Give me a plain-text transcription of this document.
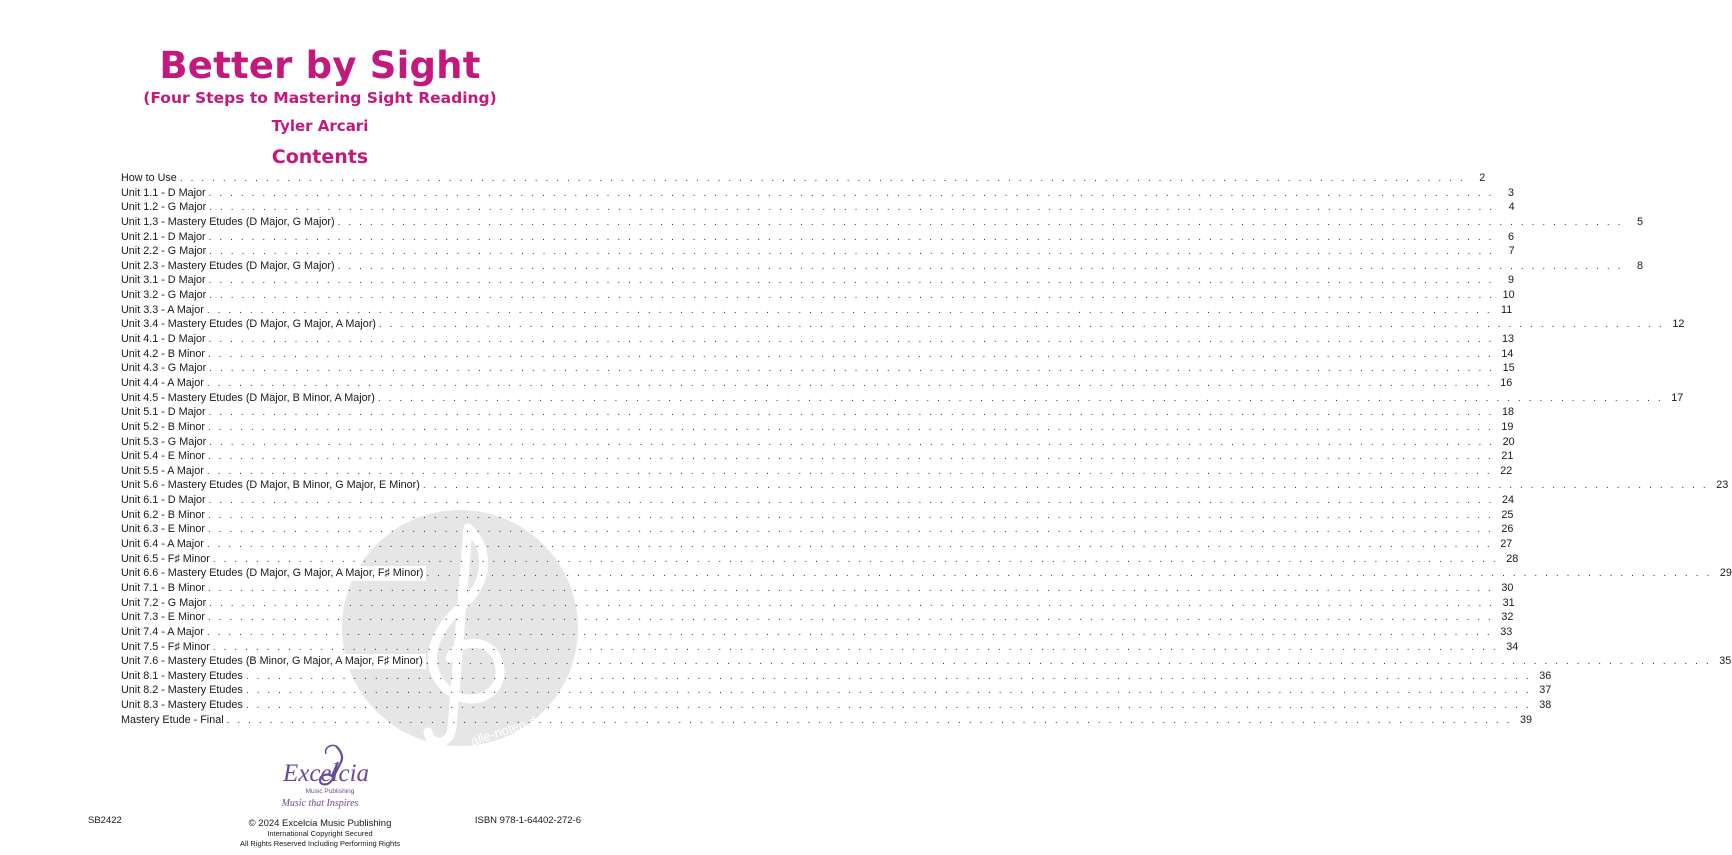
alle-noten.de
Better by Sight
(Four Steps to Mastering Sight Reading)
Tyler Arcari
Contents
How to Use . . . . . . . . . . . . . . . . . . . . . . . . . . . . . . . . . . . . . . . . . . . . . . . . . . . . . . . . . . . . . . . . . . . . . . . . . . . . . . . . . . . . . . . . . . . . . . . . . . . . . . . . . . . . . . . . . . . . . . . .	2
Unit 1.1 - D Major . . . . . . . . . . . . . . . . . . . . . . . . . . . . . . . . . . . . . . . . . . . . . . . . . . . . . . . . . . . . . . . . . . . . . . . . . . . . . . . . . . . . . . . . . . . . . . . . . . . . . . . . . . . . . . . . . . . . . . . .	3
Unit 1.2 - G Major . . . . . . . . . . . . . . . . . . . . . . . . . . . . . . . . . . . . . . . . . . . . . . . . . . . . . . . . . . . . . . . . . . . . . . . . . . . . . . . . . . . . . . . . . . . . . . . . . . . . . . . . . . . . . . . . . . . . . . . .	4
Unit 1.3 - Mastery Etudes (D Major, G Major) . . . . . . . . . . . . . . . . . . . . . . . . . . . . . . . . . . . . . . . . . . . . . . . . . . . . . . . . . . . . . . . . . . . . . . . . . . . . . . . . . . . . . . . . . . . . . . . . . . . . . . . . . . . . . . . . . . . . . . . .	5
Unit 2.1 - D Major . . . . . . . . . . . . . . . . . . . . . . . . . . . . . . . . . . . . . . . . . . . . . . . . . . . . . . . . . . . . . . . . . . . . . . . . . . . . . . . . . . . . . . . . . . . . . . . . . . . . . . . . . . . . . . . . . . . . . . . .	6
Unit 2.2 - G Major . . . . . . . . . . . . . . . . . . . . . . . . . . . . . . . . . . . . . . . . . . . . . . . . . . . . . . . . . . . . . . . . . . . . . . . . . . . . . . . . . . . . . . . . . . . . . . . . . . . . . . . . . . . . . . . . . . . . . . . .	7
Unit 2.3 - Mastery Etudes (D Major, G Major) . . . . . . . . . . . . . . . . . . . . . . . . . . . . . . . . . . . . . . . . . . . . . . . . . . . . . . . . . . . . . . . . . . . . . . . . . . . . . . . . . . . . . . . . . . . . . . . . . . . . . . . . . . . . . . . . . . . . . . . .	8
Unit 3.1 - D Major . . . . . . . . . . . . . . . . . . . . . . . . . . . . . . . . . . . . . . . . . . . . . . . . . . . . . . . . . . . . . . . . . . . . . . . . . . . . . . . . . . . . . . . . . . . . . . . . . . . . . . . . . . . . . . . . . . . . . . . .	9
Unit 3.2 - G Major . . . . . . . . . . . . . . . . . . . . . . . . . . . . . . . . . . . . . . . . . . . . . . . . . . . . . . . . . . . . . . . . . . . . . . . . . . . . . . . . . . . . . . . . . . . . . . . . . . . . . . . . . . . . . . . . . . . . . . . . 10
Unit 3.3 - A Major . . . . . . . . . . . . . . . . . . . . . . . . . . . . . . . . . . . . . . . . . . . . . . . . . . . . . . . . . . . . . . . . . . . . . . . . . . . . . . . . . . . . . . . . . . . . . . . . . . . . . . . . . . . . . . . . . . . . . . . . 11
Unit 3.4 - Mastery Etudes (D Major, G Major, A Major) . . . . . . . . . . . . . . . . . . . . . . . . . . . . . . . . . . . . . . . . . . . . . . . . . . . . . . . . . . . . . . . . . . . . . . . . . . . . . . . . . . . . . . . . . . . . . . . . . . . . . . . . . . . . . . . . . . . . . . . . 12
Unit 4.1 - D Major . . . . . . . . . . . . . . . . . . . . . . . . . . . . . . . . . . . . . . . . . . . . . . . . . . . . . . . . . . . . . . . . . . . . . . . . . . . . . . . . . . . . . . . . . . . . . . . . . . . . . . . . . . . . . . . . . . . . . . . . 13
Unit 4.2 - B Minor . . . . . . . . . . . . . . . . . . . . . . . . . . . . . . . . . . . . . . . . . . . . . . . . . . . . . . . . . . . . . . . . . . . . . . . . . . . . . . . . . . . . . . . . . . . . . . . . . . . . . . . . . . . . . . . . . . . . . . . . 14
Unit 4.3 - G Major . . . . . . . . . . . . . . . . . . . . . . . . . . . . . . . . . . . . . . . . . . . . . . . . . . . . . . . . . . . . . . . . . . . . . . . . . . . . . . . . . . . . . . . . . . . . . . . . . . . . . . . . . . . . . . . . . . . . . . . . 15
Unit 4.4 - A Major . . . . . . . . . . . . . . . . . . . . . . . . . . . . . . . . . . . . . . . . . . . . . . . . . . . . . . . . . . . . . . . . . . . . . . . . . . . . . . . . . . . . . . . . . . . . . . . . . . . . . . . . . . . . . . . . . . . . . . . . 16
Unit 4.5 - Mastery Etudes (D Major, B Minor, A Major) . . . . . . . . . . . . . . . . . . . . . . . . . . . . . . . . . . . . . . . . . . . . . . . . . . . . . . . . . . . . . . . . . . . . . . . . . . . . . . . . . . . . . . . . . . . . . . . . . . . . . . . . . . . . . . . . . . . . . . . . 17
Unit 5.1 - D Major . . . . . . . . . . . . . . . . . . . . . . . . . . . . . . . . . . . . . . . . . . . . . . . . . . . . . . . . . . . . . . . . . . . . . . . . . . . . . . . . . . . . . . . . . . . . . . . . . . . . . . . . . . . . . . . . . . . . . . . . 18
Unit 5.2 - B Minor . . . . . . . . . . . . . . . . . . . . . . . . . . . . . . . . . . . . . . . . . . . . . . . . . . . . . . . . . . . . . . . . . . . . . . . . . . . . . . . . . . . . . . . . . . . . . . . . . . . . . . . . . . . . . . . . . . . . . . . . 19
Unit 5.3 - G Major . . . . . . . . . . . . . . . . . . . . . . . . . . . . . . . . . . . . . . . . . . . . . . . . . . . . . . . . . . . . . . . . . . . . . . . . . . . . . . . . . . . . . . . . . . . . . . . . . . . . . . . . . . . . . . . . . . . . . . . . 20
Unit 5.4 - E Minor . . . . . . . . . . . . . . . . . . . . . . . . . . . . . . . . . . . . . . . . . . . . . . . . . . . . . . . . . . . . . . . . . . . . . . . . . . . . . . . . . . . . . . . . . . . . . . . . . . . . . . . . . . . . . . . . . . . . . . . . 21
Unit 5.5 - A Major . . . . . . . . . . . . . . . . . . . . . . . . . . . . . . . . . . . . . . . . . . . . . . . . . . . . . . . . . . . . . . . . . . . . . . . . . . . . . . . . . . . . . . . . . . . . . . . . . . . . . . . . . . . . . . . . . . . . . . . . 22
Unit 5.6 - Mastery Etudes (D Major, B Minor, G Major, E Minor) . . . . . . . . . . . . . . . . . . . . . . . . . . . . . . . . . . . . . . . . . . . . . . . . . . . . . . . . . . . . . . . . . . . . . . . . . . . . . . . . . . . . . . . . . . . . . . . . . . . . . . . . . . . . . . . . . . . . . . . . 23
Unit 6.1 - D Major . . . . . . . . . . . . . . . . . . . . . . . . . . . . . . . . . . . . . . . . . . . . . . . . . . . . . . . . . . . . . . . . . . . . . . . . . . . . . . . . . . . . . . . . . . . . . . . . . . . . . . . . . . . . . . . . . . . . . . . . 24
Unit 6.2 - B Minor . . . . . . . . . . . . . . . . . . . . . . . . . . . . . . . . . . . . . . . . . . . . . . . . . . . . . . . . . . . . . . . . . . . . . . . . . . . . . . . . . . . . . . . . . . . . . . . . . . . . . . . . . . . . . . . . . . . . . . . . 25
Unit 6.3 - E Minor . . . . . . . . . . . . . . . . . . . . . . . . . . . . . . . . . . . . . . . . . . . . . . . . . . . . . . . . . . . . . . . . . . . . . . . . . . . . . . . . . . . . . . . . . . . . . . . . . . . . . . . . . . . . . . . . . . . . . . . . 26
Unit 6.4 - A Major . . . . . . . . . . . . . . . . . . . . . . . . . . . . . . . . . . . . . . . . . . . . . . . . . . . . . . . . . . . . . . . . . . . . . . . . . . . . . . . . . . . . . . . . . . . . . . . . . . . . . . . . . . . . . . . . . . . . . . . . 27
Unit 6.5 - F♯ Minor . . . . . . . . . . . . . . . . . . . . . . . . . . . . . . . . . . . . . . . . . . . . . . . . . . . . . . . . . . . . . . . . . . . . . . . . . . . . . . . . . . . . . . . . . . . . . . . . . . . . . . . . . . . . . . . . . . . . . . . . 28
Unit 6.6 - Mastery Etudes (D Major, G Major, A Major, F♯ Minor) . . . . . . . . . . . . . . . . . . . . . . . . . . . . . . . . . . . . . . . . . . . . . . . . . . . . . . . . . . . . . . . . . . . . . . . . . . . . . . . . . . . . . . . . . . . . . . . . . . . . . . . . . . . . . . . . . . . . . . . . 29
Unit 7.1 - B Minor . . . . . . . . . . . . . . . . . . . . . . . . . . . . . . . . . . . . . . . . . . . . . . . . . . . . . . . . . . . . . . . . . . . . . . . . . . . . . . . . . . . . . . . . . . . . . . . . . . . . . . . . . . . . . . . . . . . . . . . . 30
Unit 7.2 - G Major . . . . . . . . . . . . . . . . . . . . . . . . . . . . . . . . . . . . . . . . . . . . . . . . . . . . . . . . . . . . . . . . . . . . . . . . . . . . . . . . . . . . . . . . . . . . . . . . . . . . . . . . . . . . . . . . . . . . . . . . 31
Unit 7.3 - E Minor . . . . . . . . . . . . . . . . . . . . . . . . . . . . . . . . . . . . . . . . . . . . . . . . . . . . . . . . . . . . . . . . . . . . . . . . . . . . . . . . . . . . . . . . . . . . . . . . . . . . . . . . . . . . . . . . . . . . . . . . 32
Unit 7.4 - A Major . . . . . . . . . . . . . . . . . . . . . . . . . . . . . . . . . . . . . . . . . . . . . . . . . . . . . . . . . . . . . . . . . . . . . . . . . . . . . . . . . . . . . . . . . . . . . . . . . . . . . . . . . . . . . . . . . . . . . . . . 33
Unit 7.5 - F♯ Minor . . . . . . . . . . . . . . . . . . . . . . . . . . . . . . . . . . . . . . . . . . . . . . . . . . . . . . . . . . . . . . . . . . . . . . . . . . . . . . . . . . . . . . . . . . . . . . . . . . . . . . . . . . . . . . . . . . . . . . . . 34
Unit 7.6 - Mastery Etudes (B Minor, G Major, A Major, F♯ Minor) . . . . . . . . . . . . . . . . . . . . . . . . . . . . . . . . . . . . . . . . . . . . . . . . . . . . . . . . . . . . . . . . . . . . . . . . . . . . . . . . . . . . . . . . . . . . . . . . . . . . . . . . . . . . . . . . . . . . . . . . 35
Unit 8.1 - Mastery Etudes . . . . . . . . . . . . . . . . . . . . . . . . . . . . . . . . . . . . . . . . . . . . . . . . . . . . . . . . . . . . . . . . . . . . . . . . . . . . . . . . . . . . . . . . . . . . . . . . . . . . . . . . . . . . . . . . . . . . . . . . 36
Unit 8.2 - Mastery Etudes . . . . . . . . . . . . . . . . . . . . . . . . . . . . . . . . . . . . . . . . . . . . . . . . . . . . . . . . . . . . . . . . . . . . . . . . . . . . . . . . . . . . . . . . . . . . . . . . . . . . . . . . . . . . . . . . . . . . . . . . 37
Unit 8.3 - Mastery Etudes . . . . . . . . . . . . . . . . . . . . . . . . . . . . . . . . . . . . . . . . . . . . . . . . . . . . . . . . . . . . . . . . . . . . . . . . . . . . . . . . . . . . . . . . . . . . . . . . . . . . . . . . . . . . . . . . . . . . . . . . 38
Mastery Etude - Final . . . . . . . . . . . . . . . . . . . . . . . . . . . . . . . . . . . . . . . . . . . . . . . . . . . . . . . . . . . . . . . . . . . . . . . . . . . . . . . . . . . . . . . . . . . . . . . . . . . . . . . . . . . . . . . . . . . . . . . . 39
Excelcia
Music Publishing
Music that Inspires
SB2422	ISBN 978-1-64402-272-6
© 2024 Excelcia Music Publishing
International Copyright Secured
All Rights Reserved Including Performing Rights
